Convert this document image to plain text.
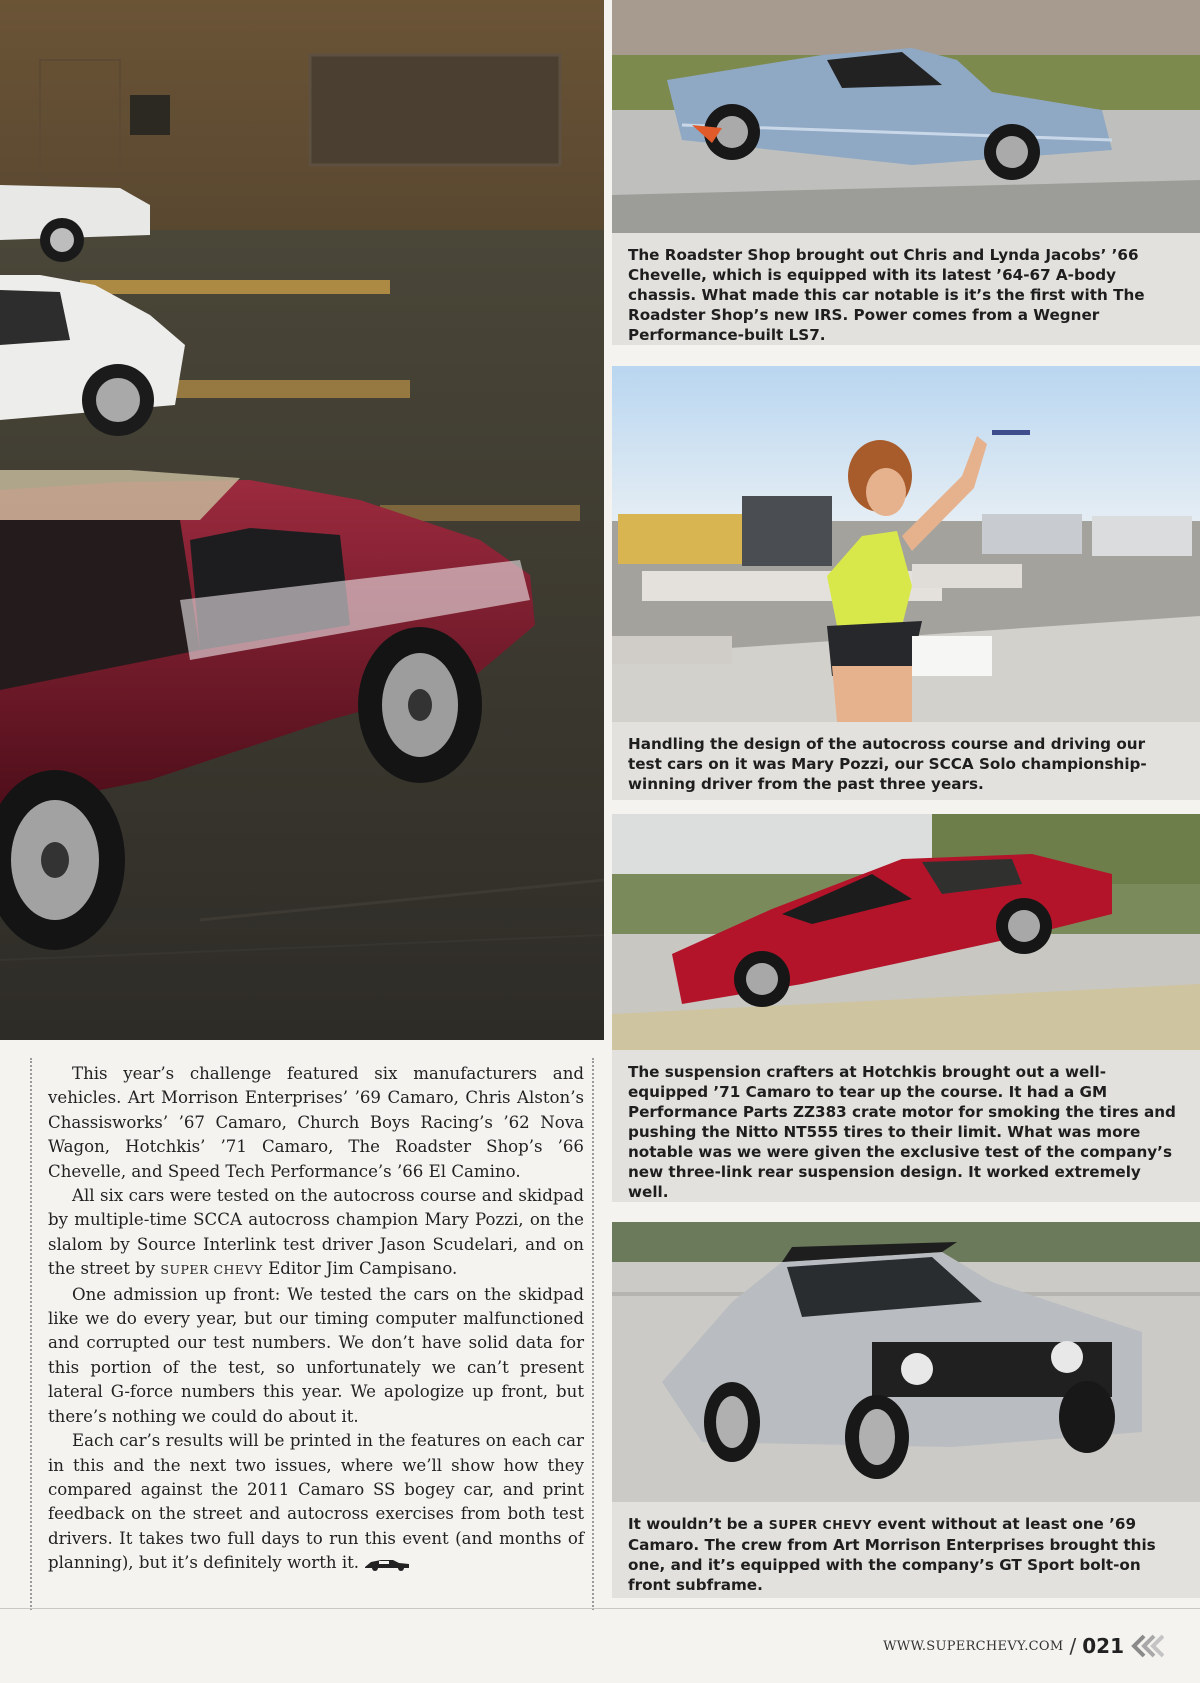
The Roadster Shop brought out Chris and Lynda Jacobs’ ’66 Chevelle, which is equipped with its latest ’64-67 A-body chassis. What made this car notable is it’s the first with The Roadster Shop’s new IRS. Power comes from a Wegner Performance-built LS7.
Handling the design of the autocross course and driving our test cars on it was Mary Pozzi, our SCCA Solo championship-winning driver from the past three years.
The suspension crafters at Hotchkis brought out a well-equipped ’71 Camaro to tear up the course. It had a GM Performance Parts ZZ383 crate motor for smoking the tires and pushing the Nitto NT555 tires to their limit. What was more notable was we were given the exclusive test of the company’s new three-link rear suspension design. It worked extremely well.
It wouldn’t be a SUPER CHEVY event without at least one ’69 Camaro. The crew from Art Morrison Enterprises brought this one, and it’s equipped with the company’s GT Sport bolt-on front subframe.

This year’s challenge featured six manufacturers and vehicles. Art Morrison Enterprises’ ’69 Camaro, Chris Alston’s Chassisworks’ ’67 Camaro, Church Boys Racing’s ’62 Nova Wagon, Hotchkis’ ’71 Camaro, The Roadster Shop’s ’66 Chevelle, and Speed Tech Performance’s ’66 El Camino.

All six cars were tested on the autocross course and skidpad by multiple-time SCCA autocross champion Mary Pozzi, on the slalom by Source Interlink test driver Jason Scudelari, and on the street by SUPER CHEVY Editor Jim Campisano.

One admission up front: We tested the cars on the skidpad like we do every year, but our timing computer malfunctioned and corrupted our test numbers. We don’t have solid data for this portion of the test, so unfortunately we can’t present lateral G-force numbers this year. We apologize up front, but there’s nothing we could do about it.

Each car’s results will be printed in the features on each car in this and the next two issues, where we’ll show how they compared against the 2011 Camaro SS bogey car, and print feedback on the street and autocross exercises from both test drivers. It takes two full days to run this event (and months of planning), but it’s definitely worth it.

WWW.SUPERCHEVY.COM / 021
